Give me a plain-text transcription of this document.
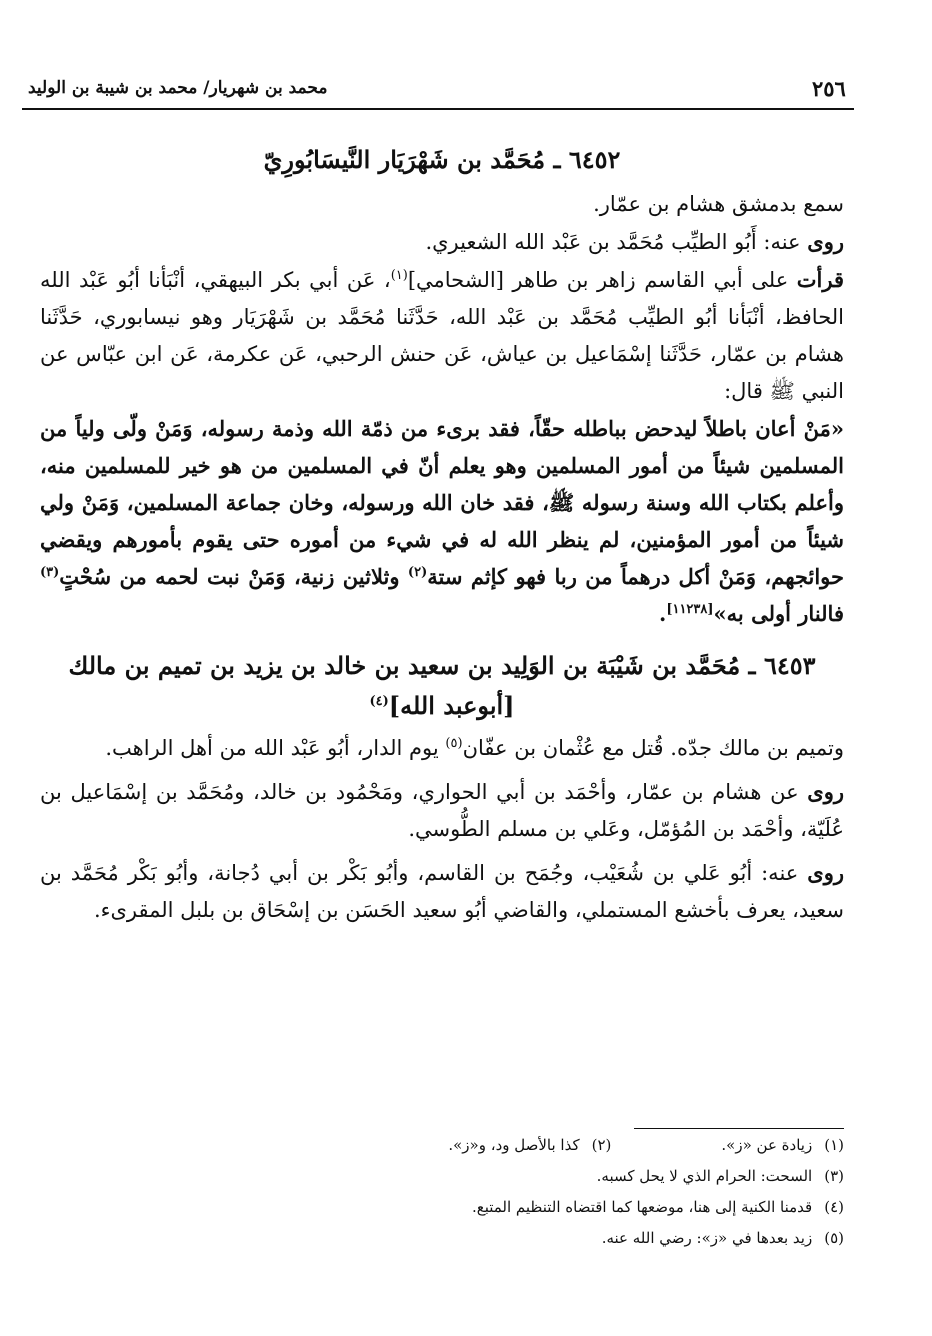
محمد بن شهريار/ محمد بن شيبة بن الوليد	٢٥٦
٦٤٥٢ ـ مُحَمَّد بن شَهْرَيَار النَّيسَابُورِيّ

سمع بدمشق هشام بن عمّار.

روى عنه: أَبُو الطيِّب مُحَمَّد بن عَبْد الله الشعيري.

قرأت على أبي القاسم زاهر بن طاهر [الشحامي]$^{(١)}$، عَن أبي بكر البيهقي، أنْبَأنا أبُو عَبْد الله الحافظ، أنْبَأنا أبُو الطيِّب مُحَمَّد بن عَبْد الله، حَدَّثَنا مُحَمَّد بن شَهْرَيَار وهو نيسابوري، حَدَّثَنا هشام بن عمّار، حَدَّثَنا إسْمَاعيل بن عياش، عَن حنش الرحبي، عَن عكرمة، عَن ابن عبّاس عن النبي ﷺ قال:

«مَنْ أعان باطلاً ليدحض بباطله حقّاً، فقد برىء من ذمّة الله وذمة رسوله، وَمَنْ ولّى ولياً من المسلمين شيئاً من أمور المسلمين وهو يعلم أنّ في المسلمين من هو خير للمسلمين منه، وأعلم بكتاب الله وسنة رسوله ﷺ، فقد خان الله ورسوله، وخان جماعة المسلمين، وَمَنْ ولي شيئاً من أمور المؤمنين، لم ينظر الله له في شيء من أموره حتى يقوم بأمورهم ويقضي حوائجهم، وَمَنْ أكل درهماً من ربا فهو كإثم ستة$^{(٢)}$ وثلاثين زنية، وَمَنْ نبت لحمه من سُحْتٍ$^{(٣)}$ فالنار أولى به»[١١٢٣٨].

٦٤٥٣ ـ مُحَمَّد بن شَيْبَة بن الوَلِيد بن سعيد بن خالد بن يزيد بن تميم بن مالك
[أبوعبد الله]$^{(٤)}$

وتميم بن مالك جدّه. قُتل مع عُثْمان بن عفّان$^{(٥)}$ يوم الدار، أبُو عَبْد الله من أهل الراهب.

روى عن هشام بن عمّار، وأحْمَد بن أبي الحواري، ومَحْمُود بن خالد، ومُحَمَّد بن إسْمَاعيل بن عُلَيّة، وأحْمَد بن المُؤمّل، وعَلي بن مسلم الطُّوسي.

روى عنه: أبُو عَلي بن شُعَيْب، وجُمَح بن القاسم، وأبُو بَكْر بن أبي دُجانة، وأبُو بَكْر مُحَمَّد بن سعيد، يعرف بأخشع المستملي، والقاضي أبُو سعيد الحَسَن بن إسْحَاق بن بلبل المقرىء.

(١)زيادة عن «ز».
(٢)كذا بالأصل ود، و«ز».
(٣)السحت: الحرام الذي لا يحل كسبه.
(٤)قدمنا الكنية إلى هنا، موضعها كما اقتضاه التنظيم المتبع.
(٥)زيد بعدها في «ز»: رضي الله عنه.
